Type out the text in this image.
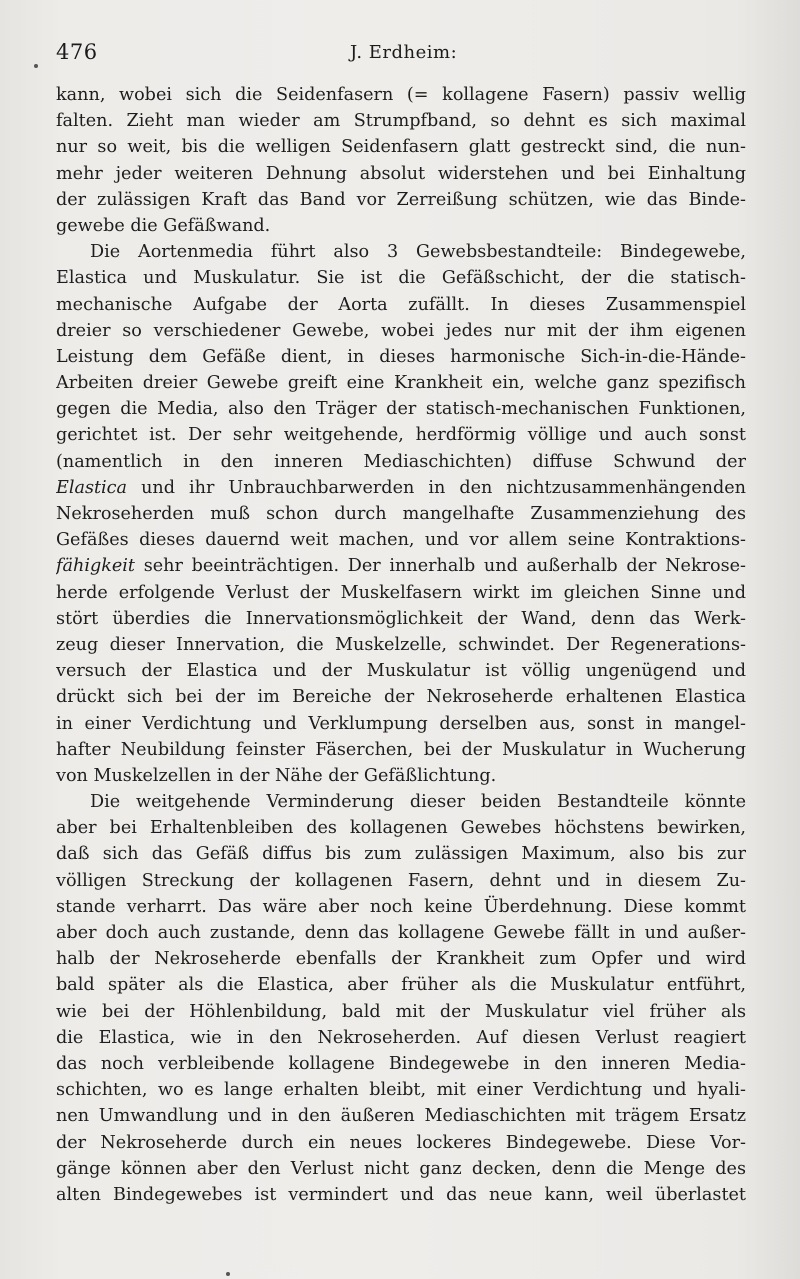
476	J. Erdheim:
kann, wobei sich die Seidenfasern (= kollagene Fasern) passiv wellig
falten. Zieht man wieder am Strumpfband, so dehnt es sich maximal
nur so weit, bis die welligen Seidenfasern glatt gestreckt sind, die nun-
mehr jeder weiteren Dehnung absolut widerstehen und bei Einhaltung
der zulässigen Kraft das Band vor Zerreißung schützen, wie das Binde-
gewebe die Gefäßwand.
Die Aortenmedia führt also 3 Gewebsbestandteile: Bindegewebe,
Elastica und Muskulatur. Sie ist die Gefäßschicht, der die statisch-
mechanische Aufgabe der Aorta zufällt. In dieses Zusammenspiel
dreier so verschiedener Gewebe, wobei jedes nur mit der ihm eigenen
Leistung dem Gefäße dient, in dieses harmonische Sich-in-die-Hände-
Arbeiten dreier Gewebe greift eine Krankheit ein, welche ganz spezifisch
gegen die Media, also den Träger der statisch-mechanischen Funktionen,
gerichtet ist. Der sehr weitgehende, herdförmig völlige und auch sonst
(namentlich in den inneren Mediaschichten) diffuse Schwund der
Elastica und ihr Unbrauchbarwerden in den nichtzusammenhängenden
Nekroseherden muß schon durch mangelhafte Zusammenziehung des
Gefäßes dieses dauernd weit machen, und vor allem seine Kontraktions-
fähigkeit sehr beeinträchtigen. Der innerhalb und außerhalb der Nekrose-
herde erfolgende Verlust der Muskelfasern wirkt im gleichen Sinne und
stört überdies die Innervationsmöglichkeit der Wand, denn das Werk-
zeug dieser Innervation, die Muskelzelle, schwindet. Der Regenerations-
versuch der Elastica und der Muskulatur ist völlig ungenügend und
drückt sich bei der im Bereiche der Nekroseherde erhaltenen Elastica
in einer Verdichtung und Verklumpung derselben aus, sonst in mangel-
hafter Neubildung feinster Fäserchen, bei der Muskulatur in Wucherung
von Muskelzellen in der Nähe der Gefäßlichtung.
Die weitgehende Verminderung dieser beiden Bestandteile könnte
aber bei Erhaltenbleiben des kollagenen Gewebes höchstens bewirken,
daß sich das Gefäß diffus bis zum zulässigen Maximum, also bis zur
völligen Streckung der kollagenen Fasern, dehnt und in diesem Zu-
stande verharrt. Das wäre aber noch keine Überdehnung. Diese kommt
aber doch auch zustande, denn das kollagene Gewebe fällt in und außer-
halb der Nekroseherde ebenfalls der Krankheit zum Opfer und wird
bald später als die Elastica, aber früher als die Muskulatur entführt,
wie bei der Höhlenbildung, bald mit der Muskulatur viel früher als
die Elastica, wie in den Nekroseherden. Auf diesen Verlust reagiert
das noch verbleibende kollagene Bindegewebe in den inneren Media-
schichten, wo es lange erhalten bleibt, mit einer Verdichtung und hyali-
nen Umwandlung und in den äußeren Mediaschichten mit trägem Ersatz
der Nekroseherde durch ein neues lockeres Bindegewebe. Diese Vor-
gänge können aber den Verlust nicht ganz decken, denn die Menge des
alten Bindegewebes ist vermindert und das neue kann, weil überlastet
